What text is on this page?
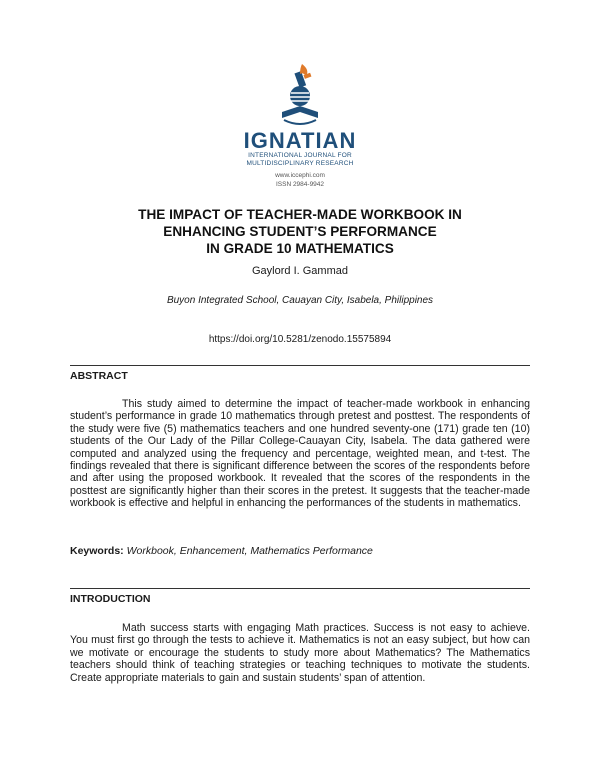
IGNATIAN
INTERNATIONAL JOURNAL FOR
MULTIDISCIPLINARY RESEARCH
www.iccephi.com
ISSN 2984-9942
THE IMPACT OF TEACHER-MADE WORKBOOK IN
ENHANCING STUDENT’S PERFORMANCE
IN GRADE 10 MATHEMATICS
Gaylord I. Gammad
Buyon Integrated School, Cauayan City, Isabela, Philippines
https://doi.org/10.5281/zenodo.15575894
ABSTRACT
This study aimed to determine the impact of teacher-made workbook in enhancing student’s performance in grade 10 mathematics through pretest and posttest. The respondents of the study were five (5) mathematics teachers and one hundred seventy-one (171) grade ten (10) students of the Our Lady of the Pillar College-Cauayan City, Isabela. The data gathered were computed and analyzed using the frequency and percentage, weighted mean, and t-test. The findings revealed that there is significant difference between the scores of the respondents before and after using the proposed workbook. It revealed that the scores of the respondents in the posttest are significantly higher than their scores in the pretest. It suggests that the teacher-made workbook is effective and helpful in enhancing the performances of the students in mathematics.
Keywords: Workbook, Enhancement, Mathematics Performance
INTRODUCTION
Math success starts with engaging Math practices. Success is not easy to achieve. You must first go through the tests to achieve it. Mathematics is not an easy subject, but how can we motivate or encourage the students to study more about Mathematics? The Mathematics teachers should think of teaching strategies or teaching techniques to motivate the students. Create appropriate materials to gain and sustain students’ span of attention.
